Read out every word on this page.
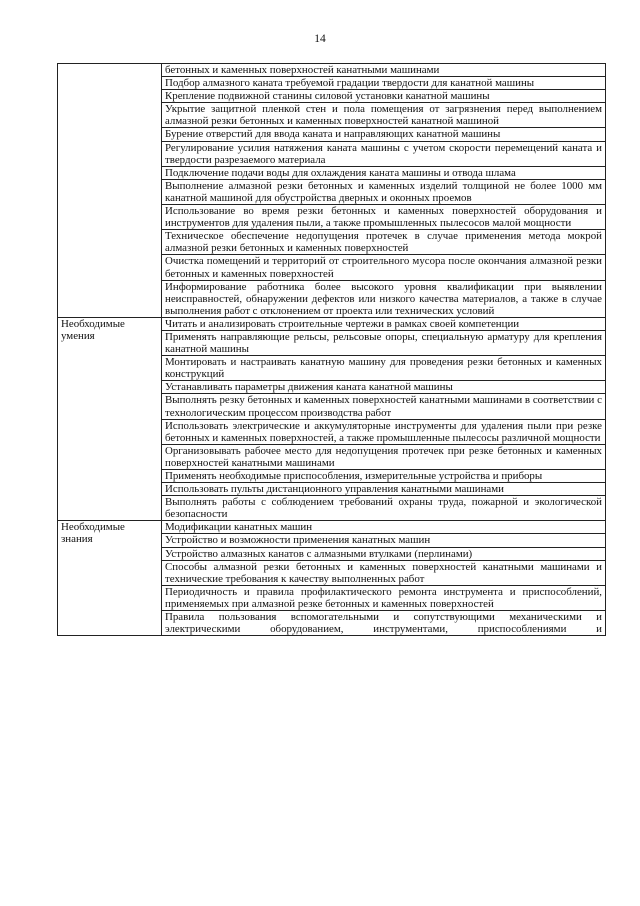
14
	бетонных и каменных поверхностей канатными машинами
	Подбор алмазного каната требуемой градации твердости для канатной машины
	Крепление подвижной станины силовой установки канатной машины
	Укрытие защитной пленкой стен и пола помещения от загрязнения перед выполнением алмазной резки бетонных и каменных поверхностей канатной машиной
	Бурение отверстий для ввода каната и направляющих канатной машины
	Регулирование усилия натяжения каната машины с учетом скорости перемещений каната и твердости разрезаемого материала
	Подключение подачи воды для охлаждения каната машины и отвода шлама
	Выполнение алмазной резки бетонных и каменных изделий толщиной не более 1000 мм канатной машиной для обустройства дверных и оконных проемов
	Использование во время резки бетонных и каменных поверхностей оборудования и инструментов для удаления пыли, а также промышленных пылесосов малой мощности
	Техническое обеспечение недопущения протечек в случае применения метода мокрой алмазной резки бетонных и каменных поверхностей
	Очистка помещений и территорий от строительного мусора после окончания алмазной резки бетонных и каменных поверхностей
	Информирование работника более высокого уровня квалификации при выявлении неисправностей, обнаружении дефектов или низкого качества материалов, а также в случае выполнения работ с отклонением от проекта или технических условий
Необходимые умения	Читать и анализировать строительные чертежи в рамках своей компетенции
	Применять направляющие рельсы, рельсовые опоры, специальную арматуру для крепления канатной машины
	Монтировать и настраивать канатную машину для проведения резки бетонных и каменных конструкций
	Устанавливать параметры движения каната канатной машины
	Выполнять резку бетонных и каменных поверхностей канатными машинами в соответствии с технологическим процессом производства работ
	Использовать электрические и аккумуляторные инструменты для удаления пыли при резке бетонных и каменных поверхностей, а также промышленные пылесосы различной мощности
	Организовывать рабочее место для недопущения протечек при резке бетонных и каменных поверхностей канатными машинами
	Применять необходимые приспособления, измерительные устройства и приборы
	Использовать пульты дистанционного управления канатными машинами
	Выполнять работы с соблюдением требований охраны труда, пожарной и экологической безопасности
Необходимые знания	Модификации канатных машин
	Устройство и возможности применения канатных машин
	Устройство алмазных канатов с алмазными втулками (перлинами)
	Способы алмазной резки бетонных и каменных поверхностей канатными машинами и технические требования к качеству выполненных работ
	Периодичность и правила профилактического ремонта инструмента и приспособлений, применяемых при алмазной резке бетонных и каменных поверхностей
	Правила пользования вспомогательными и сопутствующими механическими и электрическими оборудованием, инструментами, приспособлениями и
